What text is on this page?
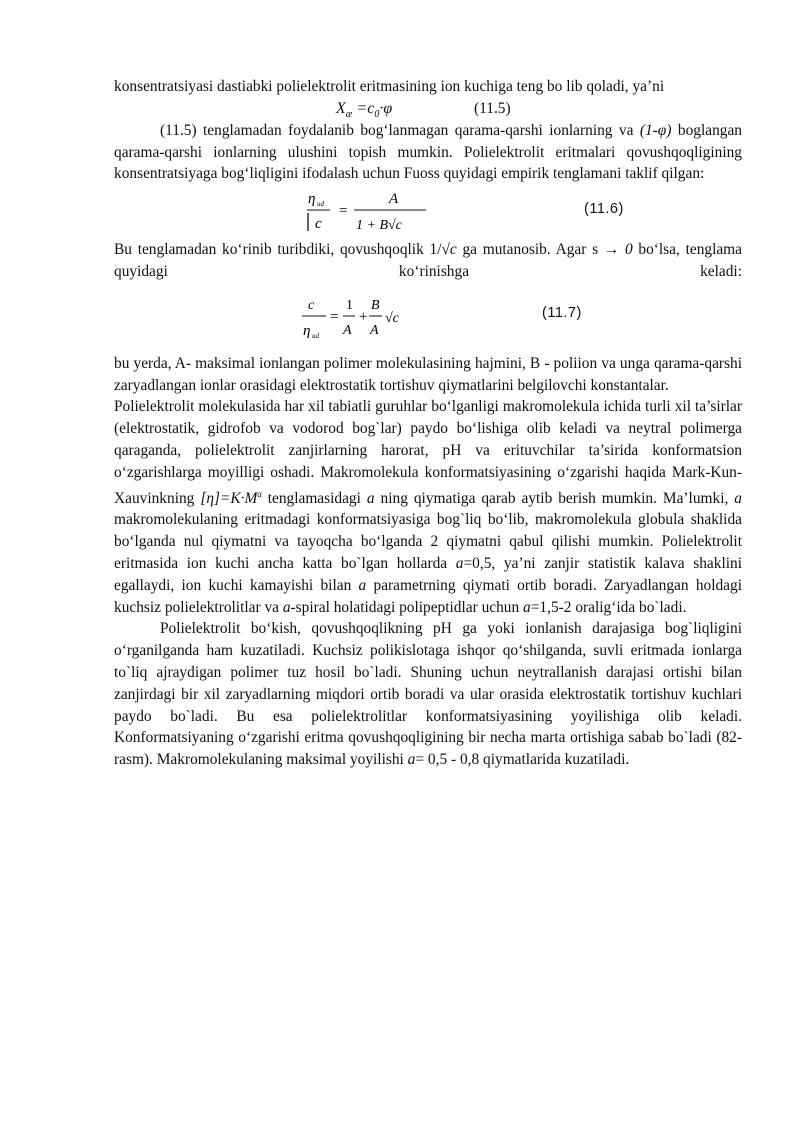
konsentratsiyasi dastiabki polielektrolit eritmasining ion kuchiga teng bo lib qoladi, ya’ni

$X_æ =c_0\cdot\varphi$	(11.5)

(11.5) tenglamadan foydalanib bog‘lanmagan qarama-qarshi ionlarning va (1-φ) boglangan qarama-qarshi ionlarning ulushini topish mumkin. Polielektrolit eritmalari qovushqoqligining konsentratsiyaga bog‘liqligini ifodalash uchun Fuoss quyidagi empirik tenglamani taklif qilgan:

η ud
c
=
A
1 + B√c
(11.6)

Bu tenglamadan ko‘rinib turibdiki, qovushqoqlik 1/√c ga mutanosib. Agar s → 0 bo‘lsa, tenglama quyidagi ko‘rinishga keladi:

c
η ud
=
1
A
+
B
A
√c	(11.7)

bu yerda, A- maksimal ionlangan polimer molekulasining hajmini, B - poliion va unga qarama-qarshi zaryadlangan ionlar orasidagi elektrostatik tortishuv qiymatlarini belgilovchi konstantalar.

Polielektrolit molekulasida har xil tabiatli guruhlar bo‘lganligi makromolekula ichida turli xil ta’sirlar (elektrostatik, gidrofob va vodorod bog`lar) paydo bo‘lishiga olib keladi va neytral polimerga qaraganda, polielektrolit zanjirlarning harorat, pH va erituvchilar ta’sirida konformatsion o‘zgarishlarga moyilligi oshadi. Makromolekula konformatsiyasining o‘zgarishi haqida Mark-Kun- Xauvinkning $[\eta]=K\cdot M^a$ tenglamasidagi a ning qiymatiga qarab aytib berish mumkin. Ma’lumki, a makromolekulaning eritmadagi konformatsiyasiga bog`liq bo‘lib, makromolekula globula shaklida bo‘lganda nul qiymatni va tayoqcha bo‘lganda 2 qiymatni qabul qilishi mumkin. Polielektrolit eritmasida ion kuchi ancha katta bo`lgan hollarda a=0,5, ya’ni zanjir statistik kalava shaklini egallaydi, ion kuchi kamayishi bilan a parametrning qiymati ortib boradi. Zaryadlangan holdagi kuchsiz polielektrolitlar va a-spiral holatidagi polipeptidlar uchun a=1,5-2 oralig‘ida bo`ladi.

Polielektrolit bo‘kish, qovushqoqlikning pH ga yoki ionlanish darajasiga bog`liqligini o‘rganilganda ham kuzatiladi. Kuchsiz polikislotaga ishqor qo‘shilganda, suvli eritmada ionlarga to`liq ajraydigan polimer tuz hosil bo`ladi. Shuning uchun neytrallanish darajasi ortishi bilan zanjirdagi bir xil zaryadlarning miqdori ortib boradi va ular orasida elektrostatik tortishuv kuchlari paydo bo`ladi. Bu esa polielektrolitlar konformatsiyasining yoyilishiga olib keladi. Konformatsiyaning o‘zgarishi eritma qovushqoqligining bir necha marta ortishiga sabab bo`ladi (82-rasm). Makromolekulaning maksimal yoyilishi a= 0,5 - 0,8 qiymatlarida kuzatiladi.
